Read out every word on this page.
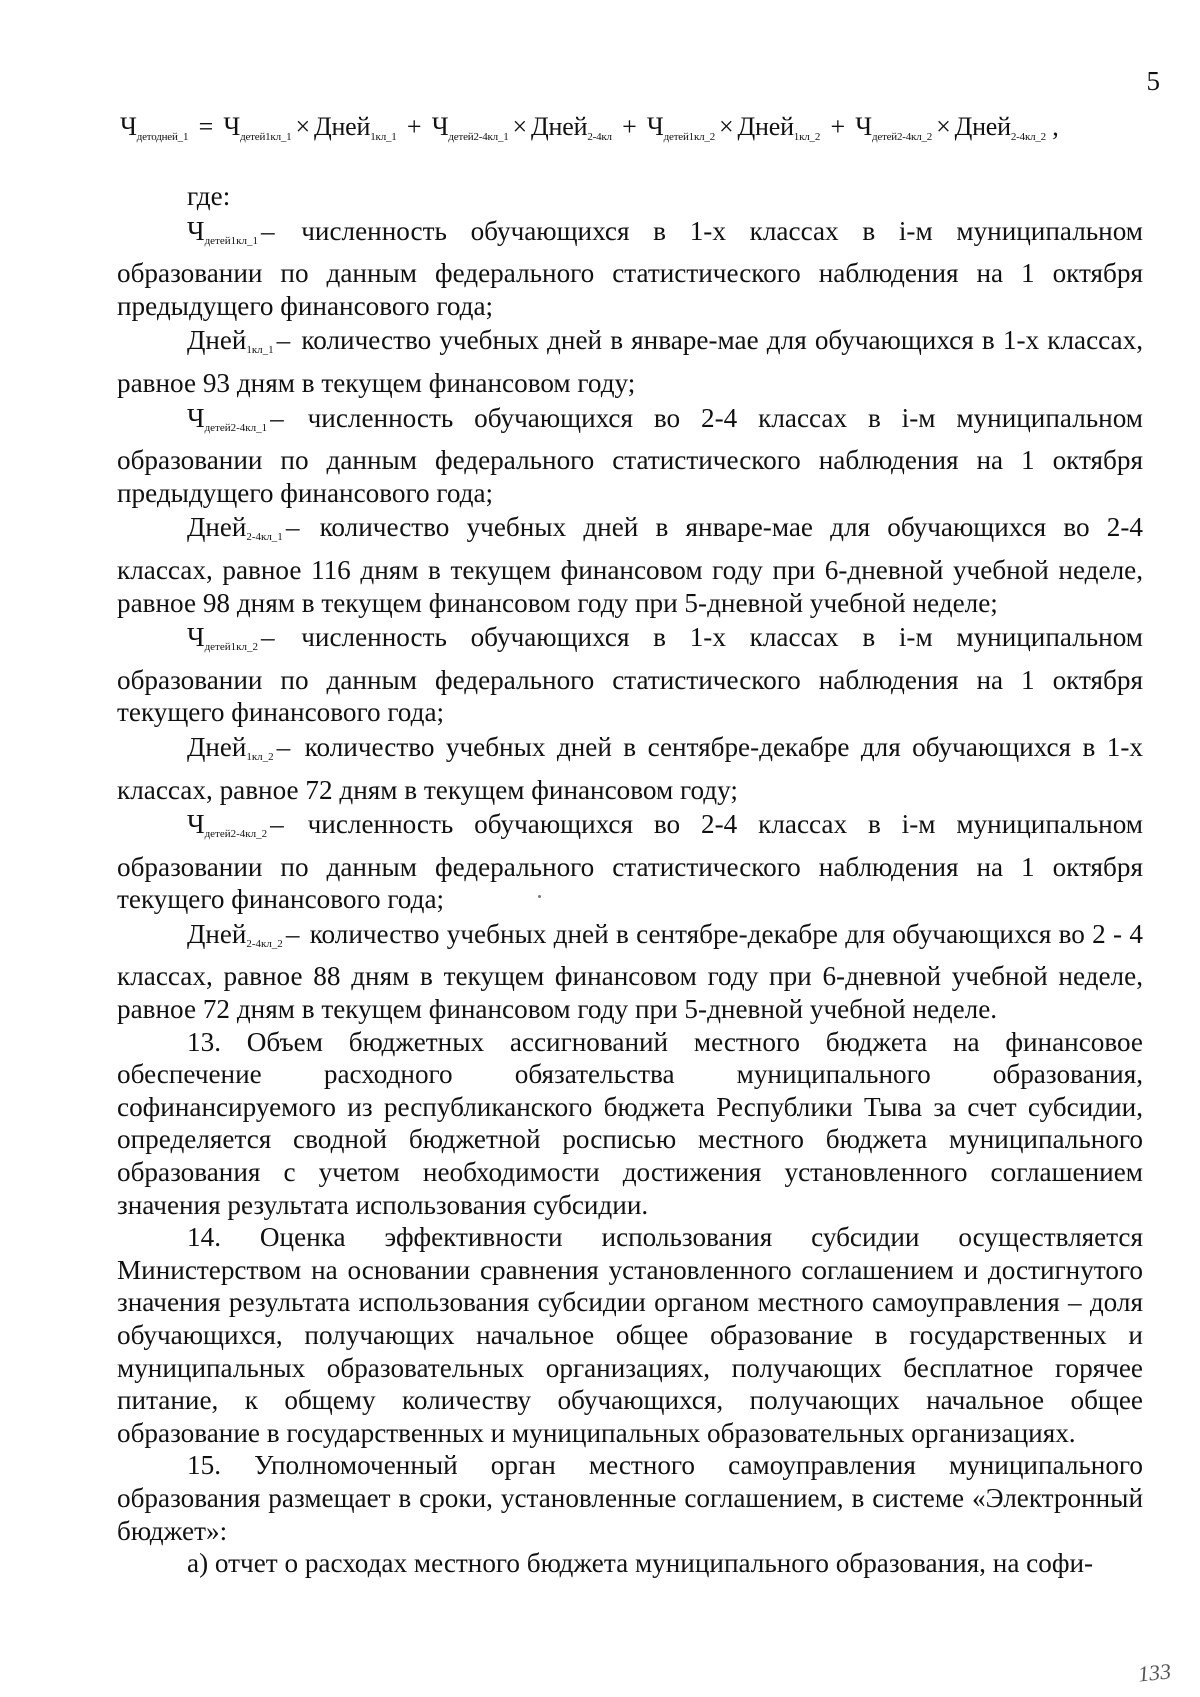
5
$Ч_{детодней\_1} = Ч_{детей1кл\_1}$ × Дней$_{1кл\_1}$ + $Ч_{детей2-4кл\_1}$ × Дней$_{2-4кл}$ + $Ч_{детей1кл\_2}$ × Дней$_{1кл\_2}$ + $Ч_{детей2-4кл\_2}$ × Дней$_{2-4кл\_2}$ ,

где:

$Ч_{детей1кл\_1}$ – численность обучающихся в 1-х классах в i-м муниципальном образовании по данным федерального статистического наблюдения на 1 октября предыдущего финансового года;

Дней$_{1кл\_1}$ – количество учебных дней в январе-мае для обучающихся в 1-х классах, равное 93 дням в текущем финансовом году;

$Ч_{детей2-4кл\_1}$ – численность обучающихся во 2-4 классах в i-м муниципальном образовании по данным федерального статистического наблюдения на 1 октября предыдущего финансового года;

Дней$_{2-4кл\_1}$ – количество учебных дней в январе-мае для обучающихся во 2-4 классах, равное 116 дням в текущем финансовом году при 6-дневной учебной неделе, равное 98 дням в текущем финансовом году при 5-дневной учебной неделе;

$Ч_{детей1кл\_2}$ – численность обучающихся в 1-х классах в i-м муниципальном образовании по данным федерального статистического наблюдения на 1 октября текущего финансового года;

Дней$_{1кл\_2}$ – количество учебных дней в сентябре-декабре для обучающихся в 1-х классах, равное 72 дням в текущем финансовом году;

$Ч_{детей2-4кл\_2}$ – численность обучающихся во 2-4 классах в i-м муниципальном образовании по данным федерального статистического наблюдения на 1 октября текущего финансового года;

Дней$_{2-4кл\_2}$ – количество учебных дней в сентябре-декабре для обучающихся во 2 - 4 классах, равное 88 дням в текущем финансовом году при 6-дневной учебной неделе, равное 72 дням в текущем финансовом году при 5-дневной учебной неделе.

13. Объем бюджетных ассигнований местного бюджета на финансовое обеспечение расходного обязательства муниципального образования, софинансируемого из республиканского бюджета Республики Тыва за счет субсидии, определяется сводной бюджетной росписью местного бюджета муниципального образования с учетом необходимости достижения установленного соглашением значения результата использования субсидии.

14. Оценка эффективности использования субсидии осуществляется Министерством на основании сравнения установленного соглашением и достигнутого значения результата использования субсидии органом местного самоуправления – доля обучающихся, получающих начальное общее образование в государственных и муниципальных образовательных организациях, получающих бесплатное горячее питание, к общему количеству обучающихся, получающих начальное общее образование в государственных и муниципальных образовательных организациях.

15. Уполномоченный орган местного самоуправления муниципального образования размещает в сроки, установленные соглашением, в системе «Электронный бюджет»:

а) отчет о расходах местного бюджета муниципального образования, на софи-

133
